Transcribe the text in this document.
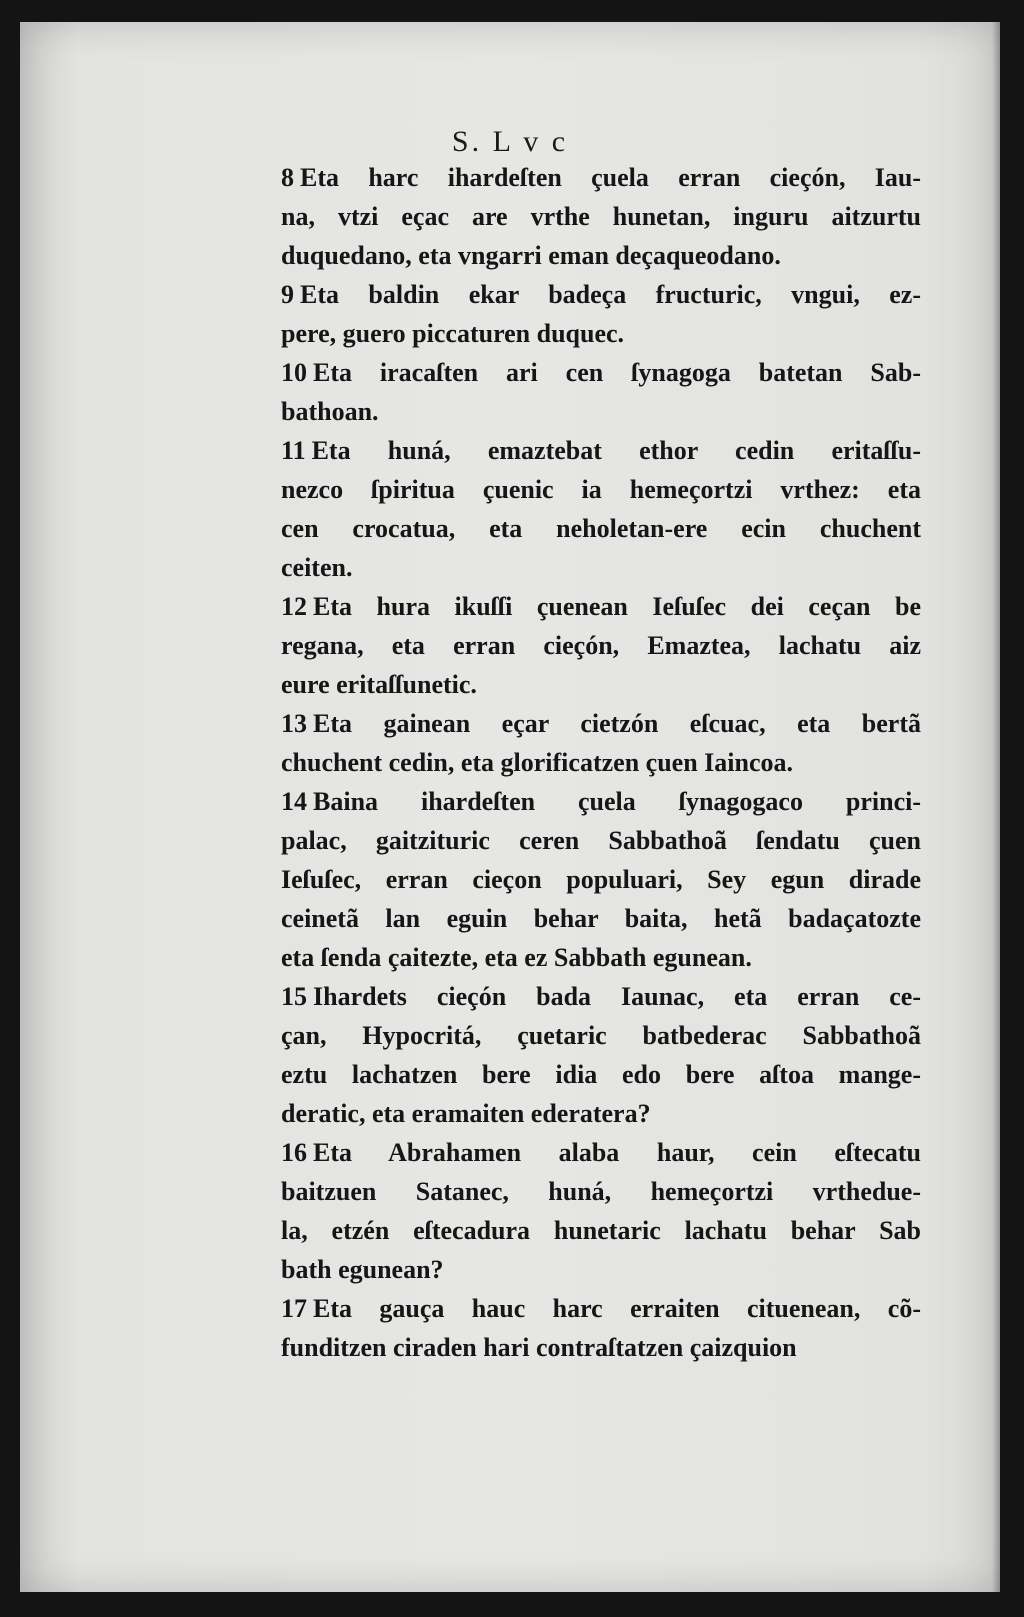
S. L v c
8 Eta harc ihardeſten çuela erran cieçón, Iau-
na, vtzi eçac are vrthe hunetan, inguru aitzurtu
duquedano, eta vngarri eman deçaqueodano.
9 Eta baldin ekar badeça fructuric, vngui, ez-
pere, guero piccaturen duquec.
10 Eta iracaſten ari cen ſynagoga batetan Sab-
bathoan.
11 Eta huná, emaztebat ethor cedin eritaſſu-
nezco ſpiritua çuenic ia hemeçortzi vrthez: eta
cen crocatua, eta neholetan-ere ecin chuchent
ceiten.
12 Eta hura ikuſſi çuenean Ieſuſec dei ceçan be
regana, eta erran cieçón, Emaztea, lachatu aiz
eure eritaſſunetic.
13 Eta gainean eçar cietzón eſcuac, eta bertã
chuchent cedin, eta glorificatzen çuen Iaincoa.
14 Baina ihardeſten çuela ſynagogaco princi-
palac, gaitzituric ceren Sabbathoã ſendatu çuen
Ieſuſec, erran cieçon populuari, Sey egun dirade
ceinetã lan eguin behar baita, hetã badaçatozte
eta ſenda çaitezte, eta ez Sabbath egunean.
15 Ihardets cieçón bada Iaunac, eta erran ce-
çan, Hypocritá, çuetaric batbederac Sabbathoã
eztu lachatzen bere idia edo bere aſtoa mange-
deratic, eta eramaiten ederatera?
16 Eta Abrahamen alaba haur, cein eſtecatu
baitzuen Satanec, huná, hemeçortzi vrthedue-
la, etzén eſtecadura hunetaric lachatu behar Sab
bath egunean?
17 Eta gauça hauc harc erraiten cituenean, cõ-
funditzen ciraden hari contraſtatzen çaizquion
